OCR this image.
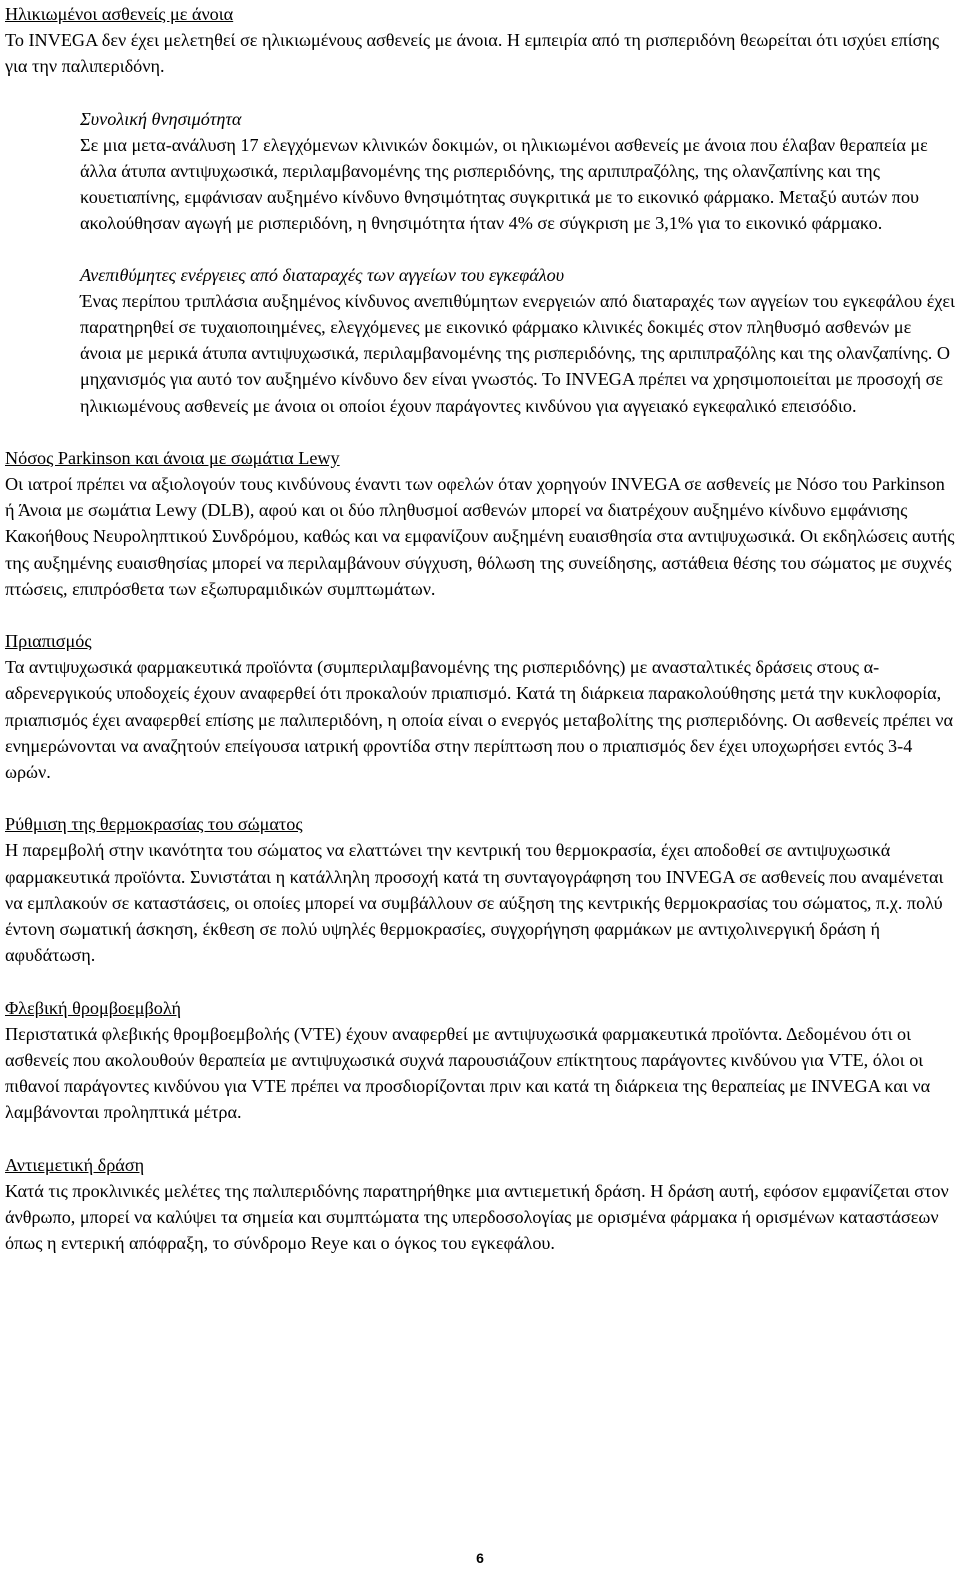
Ηλικιωμένοι ασθενείς με άνοια

Το INVEGA δεν έχει μελετηθεί σε ηλικιωμένους ασθενείς με άνοια. Η εμπειρία από τη ρισπεριδόνη θεωρείται ότι ισχύει επίσης για την παλιπεριδόνη.

Συνολική θνησιμότητα

Σε μια μετα-ανάλυση 17 ελεγχόμενων κλινικών δοκιμών, οι ηλικιωμένοι ασθενείς με άνοια που έλαβαν θεραπεία με άλλα άτυπα αντιψυχωσικά, περιλαμβανομένης της ρισπεριδόνης, της αριπιπραζόλης, της ολανζαπίνης και της κουετιαπίνης, εμφάνισαν αυξημένο κίνδυνο θνησιμότητας συγκριτικά με το εικονικό φάρμακο. Μεταξύ αυτών που ακολούθησαν αγωγή με ρισπεριδόνη, η θνησιμότητα ήταν 4% σε σύγκριση με 3,1% για το εικονικό φάρμακο.

Ανεπιθύμητες ενέργειες από διαταραχές των αγγείων του εγκεφάλου

Ένας περίπου τριπλάσια αυξημένος κίνδυνος ανεπιθύμητων ενεργειών από διαταραχές των αγγείων του εγκεφάλου έχει παρατηρηθεί σε τυχαιοποιημένες, ελεγχόμενες με εικονικό φάρμακο κλινικές δοκιμές στον πληθυσμό ασθενών με άνοια με μερικά άτυπα αντιψυχωσικά, περιλαμβανομένης της ρισπεριδόνης, της αριπιπραζόλης και της ολανζαπίνης. Ο μηχανισμός για αυτό τον αυξημένο κίνδυνο δεν είναι γνωστός. Το INVEGA πρέπει να χρησιμοποιείται με προσοχή σε ηλικιωμένους ασθενείς με άνοια οι οποίοι έχουν παράγοντες κινδύνου για αγγειακό εγκεφαλικό επεισόδιο.

Νόσος Parkinson και άνοια με σωμάτια Lewy

Οι ιατροί πρέπει να αξιολογούν τους κινδύνους έναντι των οφελών όταν χορηγούν INVEGA σε ασθενείς με Νόσο του Parkinson ή Άνοια με σωμάτια Lewy (DLB), αφού και οι δύο πληθυσμοί ασθενών μπορεί να διατρέχουν αυξημένο κίνδυνο εμφάνισης Κακοήθους Νευροληπτικού Συνδρόμου, καθώς και να εμφανίζουν αυξημένη ευαισθησία στα αντιψυχωσικά. Οι εκδηλώσεις αυτής της αυξημένης ευαισθησίας μπορεί να περιλαμβάνουν σύγχυση, θόλωση της συνείδησης, αστάθεια θέσης του σώματος με συχνές πτώσεις, επιπρόσθετα των εξωπυραμιδικών συμπτωμάτων.

Πριαπισμός

Τα αντιψυχωσικά φαρμακευτικά προϊόντα (συμπεριλαμβανομένης της ρισπεριδόνης) με ανασταλτικές δράσεις στους α-αδρενεργικούς υποδοχείς έχουν αναφερθεί ότι προκαλούν πριαπισμό. Κατά τη διάρκεια παρακολούθησης μετά την κυκλοφορία, πριαπισμός έχει αναφερθεί επίσης με παλιπεριδόνη, η οποία είναι ο ενεργός μεταβολίτης της ρισπεριδόνης. Οι ασθενείς πρέπει να ενημερώνονται να αναζητούν επείγουσα ιατρική φροντίδα στην περίπτωση που ο πριαπισμός δεν έχει υποχωρήσει εντός 3-4 ωρών.

Ρύθμιση της θερμοκρασίας του σώματος

Η παρεμβολή στην ικανότητα του σώματος να ελαττώνει την κεντρική του θερμοκρασία, έχει αποδοθεί σε αντιψυχωσικά φαρμακευτικά προϊόντα. Συνιστάται η κατάλληλη προσοχή κατά τη συνταγογράφηση του INVEGA σε ασθενείς που αναμένεται να εμπλακούν σε καταστάσεις, οι οποίες μπορεί να συμβάλλουν σε αύξηση της κεντρικής θερμοκρασίας του σώματος, π.χ. πολύ έντονη σωματική άσκηση, έκθεση σε πολύ υψηλές θερμοκρασίες, συγχορήγηση φαρμάκων με αντιχολινεργική δράση ή αφυδάτωση.

Φλεβική θρομβοεμβολή

Περιστατικά φλεβικής θρομβοεμβολής (VTE) έχουν αναφερθεί με αντιψυχωσικά φαρμακευτικά προϊόντα. Δεδομένου ότι οι ασθενείς που ακολουθούν θεραπεία με αντιψυχωσικά συχνά παρουσιάζουν επίκτητους παράγοντες κινδύνου για VTE, όλοι οι πιθανοί παράγοντες κινδύνου για VTE πρέπει να προσδιορίζονται πριν και κατά τη διάρκεια της θεραπείας με INVEGA και να λαμβάνονται προληπτικά μέτρα.

Αντιεμετική δράση

Κατά τις προκλινικές μελέτες της παλιπεριδόνης παρατηρήθηκε μια αντιεμετική δράση. Η δράση αυτή, εφόσον εμφανίζεται στον άνθρωπο, μπορεί να καλύψει τα σημεία και συμπτώματα της υπερδοσολογίας με ορισμένα φάρμακα ή ορισμένων καταστάσεων όπως η εντερική απόφραξη, το σύνδρομο Reye και ο όγκος του εγκεφάλου.

6
